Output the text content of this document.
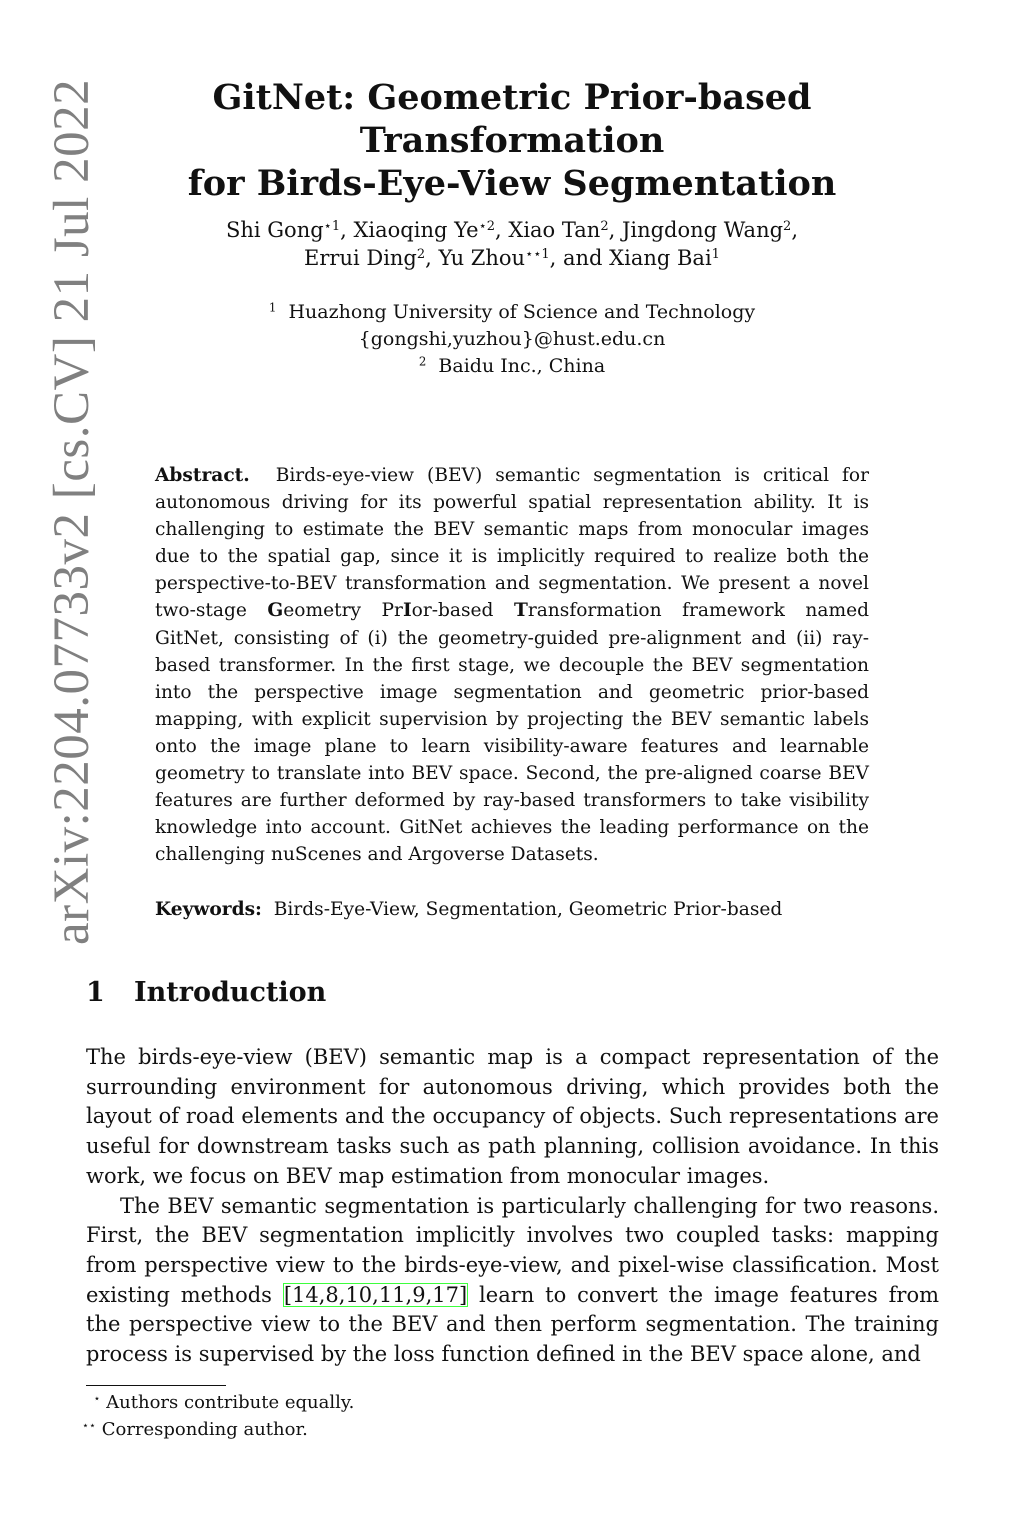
arXiv:2204.07733v2 [cs.CV] 21 Jul 2022	GitNet: Geometric Prior-based Transformation
for Birds-Eye-View Segmentation
Shi Gong$^{⋆1}$, Xiaoqing $Ye^{⋆2}$, Xiao Tan$^2$, Jingdong Wang$^2$,
Errui Ding$^2$, Yu Zhou$^{⋆⋆1}$, and Xiang Bai$^1$
$^1$ Huazhong University of Science and Technology
{gongshi,yuzhou}@hust.edu.cn
$^2$ Baidu Inc., China
Abstract. Birds-eye-view (BEV) semantic segmentation is critical for autonomous driving for its powerful spatial representation ability. It is challenging to estimate the BEV semantic maps from monocular images due to the spatial gap, since it is implicitly required to realize both the perspective-to-BEV transformation and segmentation. We present a novel two-stage Geometry PrIor-based Transformation framework named GitNet, consisting of (i) the geometry-guided pre-alignment and (ii) ray-based transformer. In the first stage, we decouple the BEV segmentation into the perspective image segmentation and geometric prior-based mapping, with explicit supervision by projecting the BEV semantic labels onto the image plane to learn visibility-aware features and learnable geometry to translate into BEV space. Second, the pre-aligned coarse BEV features are further deformed by ray-based transformers to take visibility knowledge into account. GitNet achieves the leading performance on the challenging nuScenes and Argoverse Datasets.
Keywords: Birds-Eye-View, Segmentation, Geometric Prior-based
1 Introduction

The birds-eye-view (BEV) semantic map is a compact representation of the surrounding environment for autonomous driving, which provides both the layout of road elements and the occupancy of objects. Such representations are useful for downstream tasks such as path planning, collision avoidance. In this work, we focus on BEV map estimation from monocular images.

The BEV semantic segmentation is particularly challenging for two reasons. First, the BEV segmentation implicitly involves two coupled tasks: mapping from perspective view to the birds-eye-view, and pixel-wise classification. Most existing methods [14,8,10,11,9,17] learn to convert the image features from the perspective view to the BEV and then perform segmentation. The training process is supervised by the loss function defined in the BEV space alone, and

⋆ Authors contribute equally.
⋆⋆ Corresponding author.
